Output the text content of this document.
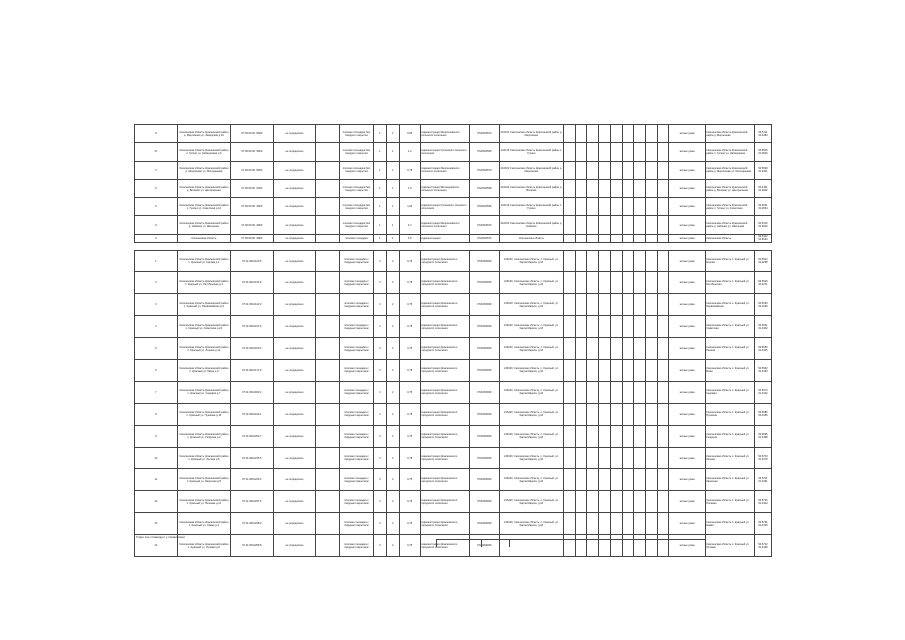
8	Смоленская область Краснинский район д. Мерлиново ул. Заводская д.10	67:00:00:00 :5600	не определено		плоская площадка без твердого покрытия	1	1	0,55	Администрация Мерлиновского сельского поселения	6720023570	216102 Смоленская область Краснинский район д. Мерлиново										жилые дома	Смоленская область Краснинский район д. Мерлиново	54.5711 31.4283
47	Смоленская область Краснинский район п. Гусино ул. Набережная д.6	67:00:00:00 :3600	не определено		плоская площадка без твердого покрытия	1	1	1,2	Администрация Гусинского сельского поселения	6720023535	216115 Смоленская область Краснинский район п. Гусино										жилые дома	Смоленская область Краснинский район п. Гусино ул. Набережная	54.6925 31.0816
4	Смоленская область Краснинский район д. Мерлиново ул. Молодежная	67:00:00:00 :5600	не определено		плоская площадка без твердого покрытия	1	1	0,75	Администрация Мерлиновского сельского поселения	6720023570	216102 Смоленская область Краснинский район д. Мерлиново										жилые дома	Смоленская область Краснинский район д. Мерлиново ул. Молодежная	54.5699 31.4301
5	Смоленская область Краснинский район д. Волково ул. Центральная	67:00:00:00 :2300	не определено		плоская площадка без твердого покрытия	1	1	1,5	Администрация Волоедовского сельского поселения	6720023528	216104 Смоленская область Краснинский район д. Волково										жилые дома	Смоленская область Краснинский район д. Волково ул. Центральная	54.4401 31.3902
6	Смоленская область Краснинский район п. Гусино ул. Советская д.12	67:00:00:00 :3600	не определено		плоская площадка без твердого покрытия	1	1	1,00	Администрация Гусинского сельского поселения	6720023535	216115 Смоленская область Краснинский район п. Гусино										жилые дома	Смоленская область Краснинский район п. Гусино ул. Советская	54.6931 31.0844
9	Смоленская область Краснинский район д. Нейково ул. Школьная	67:00:00:00 :4800	не определено		плоская площадка без твердого покрытия	1	1	0,7	Администрация Мерлиновского сельского поселения	6720023570	216103 Смоленская область Краснинский район д. Нейково										жилые дома	Смоленская область Краснинский район д. Нейково ул. Школьная	54.5310 31.3620
9	Смоленская область	67:00:00:00 :4800	не определено		плоская площадка	1	1	0,5	Администрация	6720023570	Смоленская область										жилые дома	Смоленская область	54.5312 31.3633
1	Смоленская область Краснинский район п. Красный ул. Кирова д.1	67:11:0010123:5	не определено		плоская площадка с твердым покрытием	4	2	0,75	Администрация Краснинского городского поселения	6720000000	216100, Смоленская область, п. Красный, ул. Карла Маркса, д.16										жилые дома	Смоленская область п. Красный ул. Кирова	54.5612 31.4258
2	Смоленская область Краснинский район п. Красный ул. Октябрьская д.4	67:11:0010134:8	не определено		плоская площадка с твердым покрытием	4	2	0,75	Администрация Краснинского городского поселения	6720000000	216100, Смоленская область, п. Красный, ул. Карла Маркса, д.16										жилые дома	Смоленская область п. Красный ул. Октябрьская	54.5620 31.4271
3	Смоленская область Краснинский район п. Красный ул. Первомайская д.9	67:11:0010142:3	не определено		плоская площадка с твердым покрытием	4	2	0,75	Администрация Краснинского городского поселения	6720000000	216100, Смоленская область, п. Красный, ул. Карла Маркса, д.16										жилые дома	Смоленская область п. Красный ул. Первомайская	54.5633 31.4290
4	Смоленская область Краснинский район п. Красный ул. Советская д.21	67:11:0010151:6	не определено		плоская площадка с твердым покрытием	4	2	0,75	Администрация Краснинского городского поселения	6720000000	216100, Смоленская область, п. Красный, ул. Карла Маркса, д.16										жилые дома	Смоленская область п. Красный ул. Советская	54.5641 31.4302
5	Смоленская область Краснинский район п. Красный ул. Ленина д.12	67:11:0010160:2	не определено		плоская площадка с твердым покрытием	4	2	0,75	Администрация Краснинского городского поселения	6720000000	216100, Смоленская область, п. Красный, ул. Карла Маркса, д.16										жилые дома	Смоленская область п. Красный ул. Ленина	54.5650 31.4315
6	Смоленская область Краснинский район п. Красный ул. Мира д.3	67:11:0010171:9	не определено		плоская площадка с твердым покрытием	4	2	0,75	Администрация Краснинского городского поселения	6720000000	216100, Смоленская область, п. Красный, ул. Карла Маркса, д.16										жилые дома	Смоленская область п. Красный ул. Мира	54.5662 31.4330
7	Смоленская область Краснинский район п. Красный ул. Садовая д.7	67:11:0010182:4	не определено		плоская площадка с твердым покрытием	4	2	0,75	Администрация Краснинского городского поселения	6720000000	216100, Смоленская область, п. Красный, ул. Карла Маркса, д.16										жилые дома	Смоленская область п. Красный ул. Садовая	54.5674 31.4342
8	Смоленская область Краснинский район п. Красный ул. Пушкина д.15	67:11:0010193:1	не определено		плоская площадка с твердым покрытием	4	2	0,75	Администрация Краснинского городского поселения	6720000000	216100, Смоленская область, п. Красный, ул. Карла Маркса, д.16										жилые дома	Смоленская область п. Красный ул. Пушкина	54.5686 31.4356
9	Смоленская область Краснинский район п. Красный ул. Гагарина д.2	67:11:0010204:7	не определено		плоская площадка с твердым покрытием	4	2	0,75	Администрация Краснинского городского поселения	6720000000	216100, Смоленская область, п. Красный, ул. Карла Маркса, д.16										жилые дома	Смоленская область п. Красный ул. Гагарина	54.5695 31.4368
10	Смоленская область Краснинский район п. Красный ул. Лесная д.5	67:11:0010215:5	не определено		плоская площадка с твердым покрытием	4	2	0,75	Администрация Краснинского городского поселения	6720000000	216100, Смоленская область, п. Красный, ул. Карла Маркса, д.16										жилые дома	Смоленская область п. Красный ул. Лесная	54.5703 31.4379
11	Смоленская область Краснинский район п. Красный ул. Заречная д.8	67:11:0010226:3	не определено		плоская площадка с твердым покрытием	4	2	0,75	Администрация Краснинского городского поселения	6720000000	216100, Смоленская область, п. Красный, ул. Карла Маркса, д.16										жилые дома	Смоленская область п. Красный ул. Заречная	54.5711 31.4391
12	Смоленская область Краснинский район п. Красный ул. Полевая д.11	67:11:0010237:6	не определено		плоская площадка с твердым покрытием	4	2	0,75	Администрация Краснинского городского поселения	6720000000	216100, Смоленская область, п. Красный, ул. Карла Маркса, д.16										жилые дома	Смоленская область п. Красный ул. Полевая	54.5720 31.4403
13	Смоленская область Краснинский район п. Красный ул. Новая д.4	67:11:0010248:2	не определено		плоская площадка с твердым покрытием	4	2	0,75	Администрация Краснинского городского поселения	6720000000	216100, Смоленская область, п. Красный, ул. Карла Маркса, д.16										жилые дома	Смоленская область п. Красный ул. Новая	54.5731 31.4415
14	Смоленская область Краснинский район п. Красный ул. Луговая д.6	67:11:0010259:8	не определено		плоская площадка с твердым покрытием	4	2	0,75	Администрация Краснинского городского поселения	6720000000											жилые дома	Смоленская область п. Красный ул. Луговая	54.5742 31.4428
Угрин эле стимиццот у пскинтиснет
